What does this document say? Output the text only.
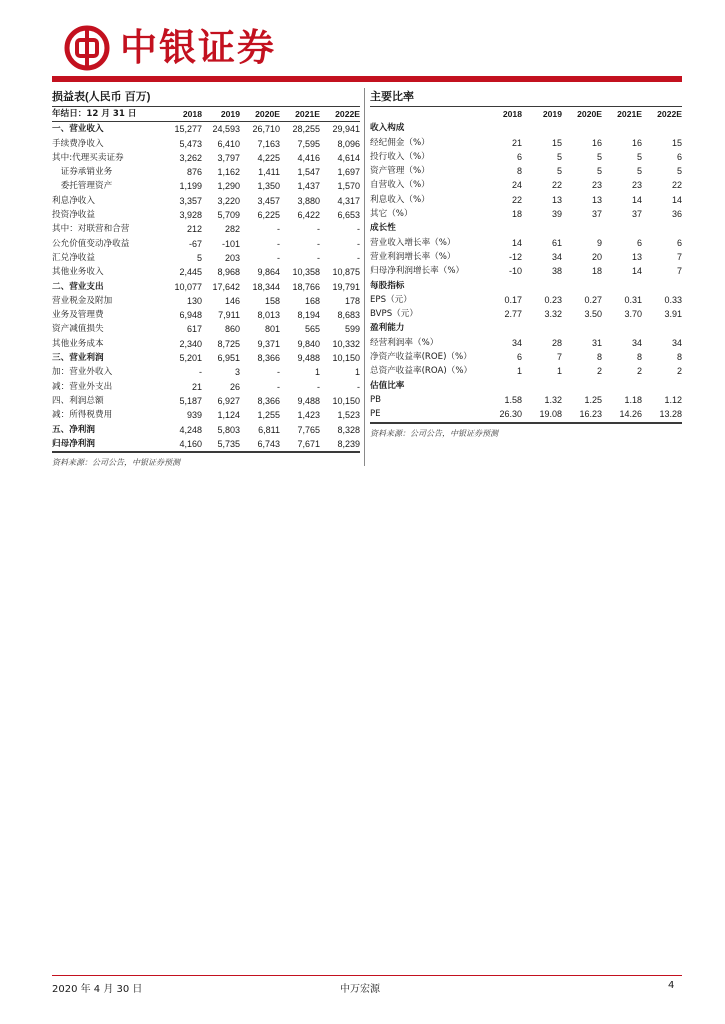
中银证券
损益表(人民币 百万)
年结日：12 月 31 日	2018	2019	2020E	2021E	2022E
一、营业收入	15,277	24,593	26,710	28,255	29,941
手续费净收入	5,473	6,410	7,163	7,595	8,096
其中:代理买卖证券	3,262	3,797	4,225	4,416	4,614
　证券承销业务	876	1,162	1,411	1,547	1,697
　委托管理资产	1,199	1,290	1,350	1,437	1,570
利息净收入	3,357	3,220	3,457	3,880	4,317
投资净收益	3,928	5,709	6,225	6,422	6,653
其中：对联营和合营	212	282	-	-	-
公允价值变动净收益	-67	-101	-	-	-
汇兑净收益	5	203	-	-	-
其他业务收入	2,445	8,968	9,864	10,358	10,875
二、营业支出	10,077	17,642	18,344	18,766	19,791
营业税金及附加	130	146	158	168	178
业务及管理费	6,948	7,911	8,013	8,194	8,683
资产减值损失	617	860	801	565	599
其他业务成本	2,340	8,725	9,371	9,840	10,332
三、营业利润	5,201	6,951	8,366	9,488	10,150
加：营业外收入	-	3	-	1	1
减：营业外支出	21	26	-	-	-
四、利润总额	5,187	6,927	8,366	9,488	10,150
减：所得税费用	939	1,124	1,255	1,423	1,523
五、净利润	4,248	5,803	6,811	7,765	8,328
归母净利润	4,160	5,735	6,743	7,671	8,239
资料来源：公司公告，中银证券预测
主要比率
	2018	2019	2020E	2021E	2022E
收入构成					
经纪佣金（%）	21	15	16	16	15
投行收入（%）	6	5	5	5	6
资产管理（%）	8	5	5	5	5
自营收入（%）	24	22	23	23	22
利息收入（%）	22	13	13	14	14
其它（%）	18	39	37	37	36
成长性					
营业收入增长率（%）	14	61	9	6	6
营业利润增长率（%）	-12	34	20	13	7
归母净利润增长率（%）	-10	38	18	14	7
每股指标					
EPS（元）	0.17	0.23	0.27	0.31	0.33
BVPS（元）	2.77	3.32	3.50	3.70	3.91
盈利能力					
经营利润率（%）	34	28	31	34	34
净资产收益率(ROE)（%）	6	7	8	8	8
总资产收益率(ROA)（%）	1	1	2	2	2
估值比率					
PB	1.58	1.32	1.25	1.18	1.12
PE	26.30	19.08	16.23	14.26	13.28
资料来源：公司公告，中银证券预测
2020 年 4 月 30 日	中万宏源	4
